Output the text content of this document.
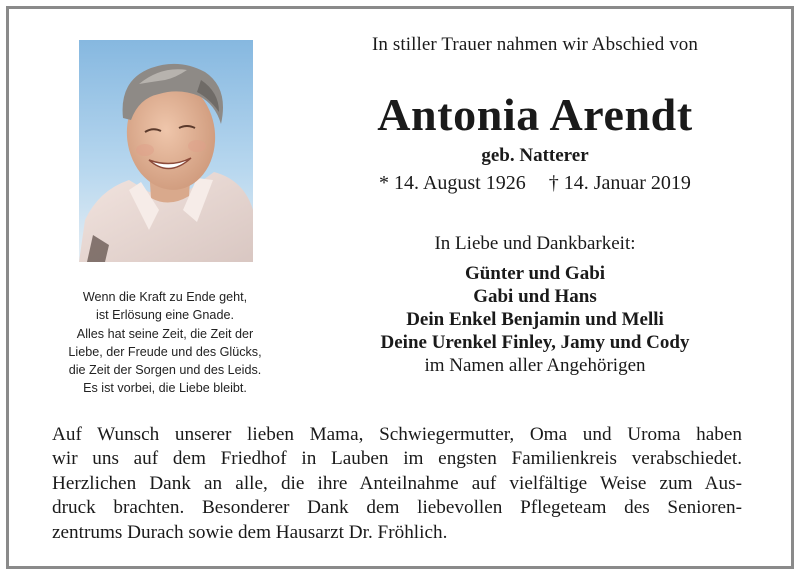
In stiller Trauer nahmen wir Abschied von
Antonia Arendt
geb. Natterer
* 14. August 1926 † 14. Januar 2019
In Liebe und Dankbarkeit:
Günter und Gabi
Gabi und Hans
Dein Enkel Benjamin und Melli
Deine Urenkel Finley, Jamy und Cody
im Namen aller Angehörigen
Wenn die Kraft zu Ende geht,
ist Erlösung eine Gnade.
Alles hat seine Zeit, die Zeit der
Liebe, der Freude und des Glücks,
die Zeit der Sorgen und des Leids.
Es ist vorbei, die Liebe bleibt.
Auf Wunsch unserer lieben Mama, Schwiegermutter, Oma und Uroma haben
wir uns auf dem Friedhof in Lauben im engsten Familienkreis verabschiedet.
Herzlichen Dank an alle, die ihre Anteilnahme auf vielfältige Weise zum Aus-
druck brachten. Besonderer Dank dem liebevollen Pflegeteam des Senioren-
zentrums Durach sowie dem Hausarzt Dr. Fröhlich.
